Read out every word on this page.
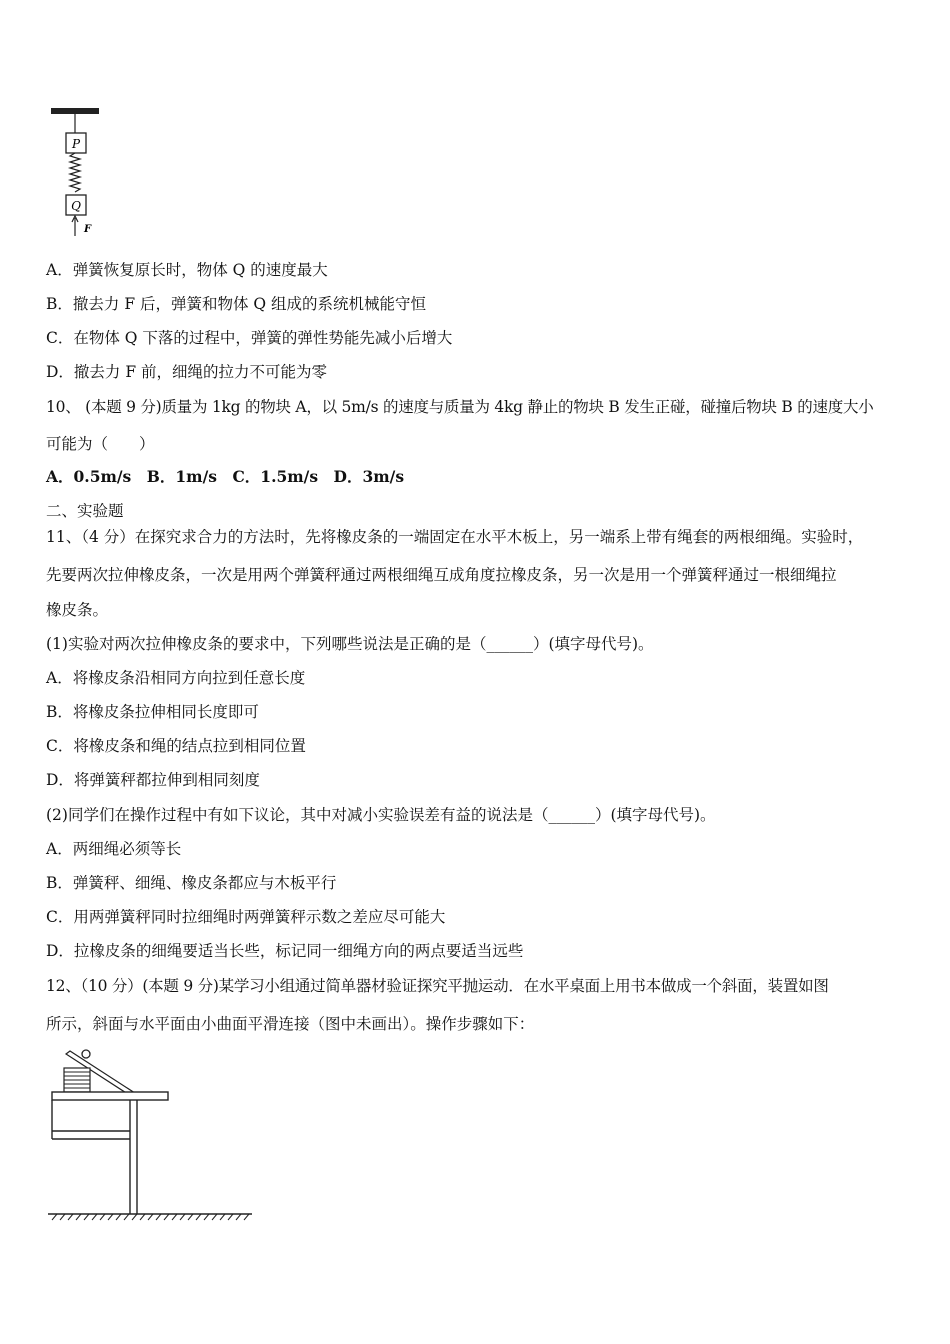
P
Q
F
A．弹簧恢复原长时，物体 Q 的速度最大
B．撤去力 F 后，弹簧和物体 Q 组成的系统机械能守恒
C．在物体 Q 下落的过程中，弹簧的弹性势能先减小后增大
D．撤去力 F 前，细绳的拉力不可能为零
10、 (本题 9 分)质量为 1kg 的物块 A，以 5m/s 的速度与质量为 4kg 静止的物块 B 发生正碰，碰撞后物块 B 的速度大小
可能为（　　）
A．0.5m/s　B．1m/s　C．1.5m/s　D．3m/s
二、实验题
11、（4 分）在探究求合力的方法时，先将橡皮条的一端固定在水平木板上，另一端系上带有绳套的两根细绳。实验时，
先要两次拉伸橡皮条，一次是用两个弹簧秤通过两根细绳互成角度拉橡皮条，另一次是用一个弹簧秤通过一根细绳拉
橡皮条。
(1)实验对两次拉伸橡皮条的要求中，下列哪些说法是正确的是（______）(填字母代号)。
A．将橡皮条沿相同方向拉到任意长度
B．将橡皮条拉伸相同长度即可
C．将橡皮条和绳的结点拉到相同位置
D．将弹簧秤都拉伸到相同刻度
(2)同学们在操作过程中有如下议论，其中对减小实验误差有益的说法是（______）(填字母代号)。
A．两细绳必须等长
B．弹簧秤、细绳、橡皮条都应与木板平行
C．用两弹簧秤同时拉细绳时两弹簧秤示数之差应尽可能大
D．拉橡皮条的细绳要适当长些，标记同一细绳方向的两点要适当远些
12、（10 分）(本题 9 分)某学习小组通过简单器材验证探究平抛运动．在水平桌面上用书本做成一个斜面，装置如图
所示，斜面与水平面由小曲面平滑连接（图中未画出）。操作步骤如下：
